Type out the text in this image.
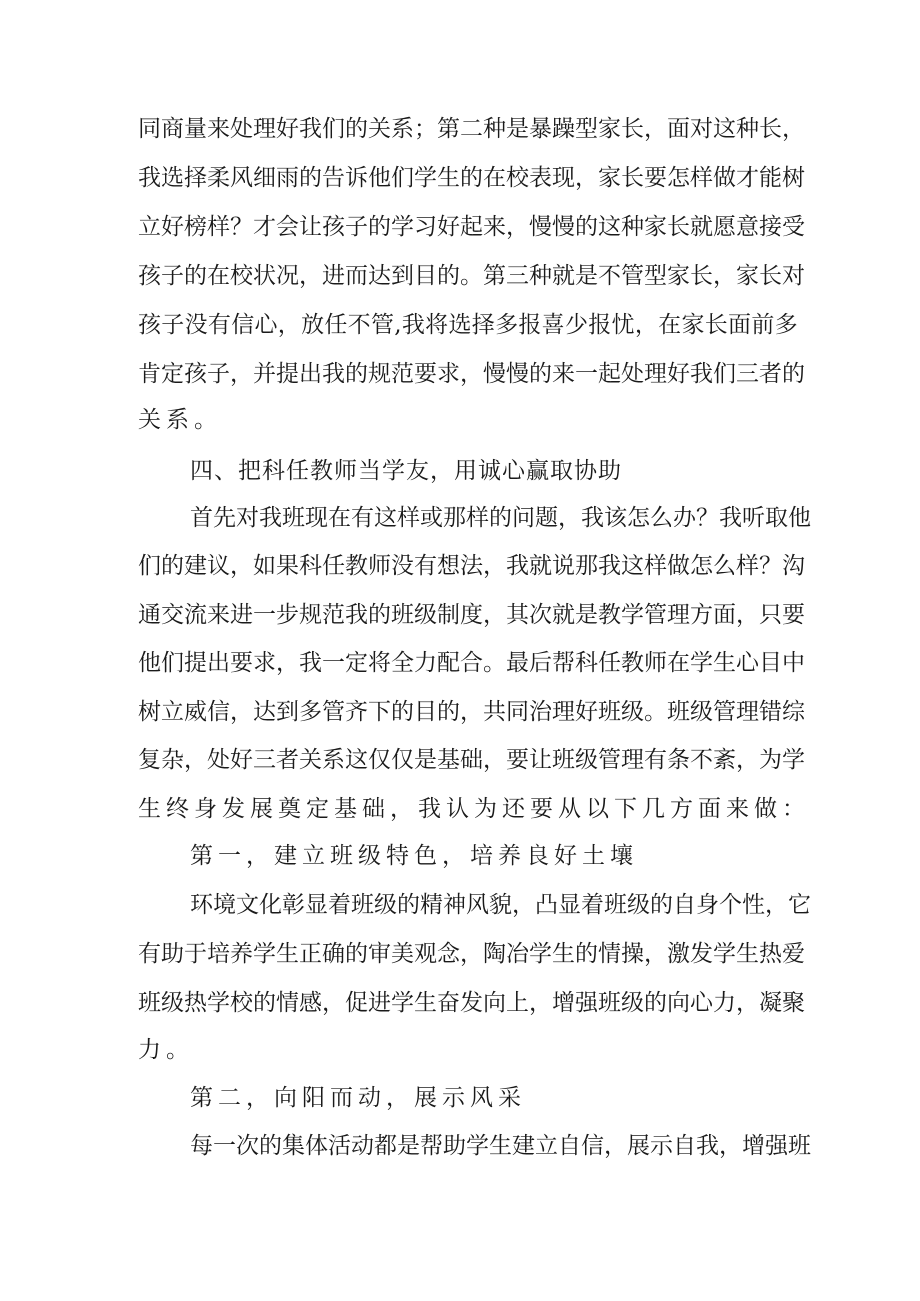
同 商 量 来 处 理 好 我 们 的 关 系 ； 第 二 种 是 暴 躁 型 家 长 ， 面 对 这 种 长 ，

我 选 择 柔 风 细 雨 的 告 诉 他 们 学 生 的 在 校 表 现 ， 家 长 要 怎 样 做 才 能 树

立 好 榜 样 ？ 才 会 让 孩 子 的 学 习 好 起 来 ， 慢 慢 的 这 种 家 长 就 愿 意 接 受

孩 子 的 在 校 状 况 ， 进 而 达 到 目 的 。 第 三 种 就 是 不 管 型 家 长 ， 家 长 对

孩 子 没 有 信 心 ， 放 任 不 管 , 我 将 选 择 多 报 喜 少 报 忧 ， 在 家 长 面 前 多

肯 定 孩 子 ， 并 提 出 我 的 规 范 要 求 ， 慢 慢 的 来 一 起 处 理 好 我 们 三 者 的

关系。

四、把科任教师当学友，用诚心赢取协助

首 先 对 我 班 现 在 有 这 样 或 那 样 的 问 题 ， 我 该 怎 么 办 ？ 我 听 取 他

们 的 建 议 ， 如 果 科 任 教 师 没 有 想 法 ， 我 就 说 那 我 这 样 做 怎 么 样 ？ 沟

通 交 流 来 进 一 步 规 范 我 的 班 级 制 度 ， 其 次 就 是 教 学 管 理 方 面 ， 只 要

他 们 提 出 要 求 ， 我 一 定 将 全 力 配 合 。 最 后 帮 科 任 教 师 在 学 生 心 目 中

树 立 威 信 ， 达 到 多 管 齐 下 的 目 的 ， 共 同 治 理 好 班 级 。 班 级 管 理 错 综

复 杂 ， 处 好 三 者 关 系 这 仅 仅 是 基 础 ， 要 让 班 级 管 理 有 条 不 紊 ， 为 学

生终身发展奠定基础，我认为还要从以下几方面来做：

第一，建立班级特色，培养良好土壤

环 境 文 化 彰 显 着 班 级 的 精 神 风 貌 ， 凸 显 着 班 级 的 自 身 个 性 ， 它

有 助 于 培 养 学 生 正 确 的 审 美 观 念 ， 陶 冶 学 生 的 情 操 ， 激 发 学 生 热 爱

班 级 热 学 校 的 情 感 ， 促 进 学 生 奋 发 向 上 ， 增 强 班 级 的 向 心 力 ， 凝 聚

力。

第二，向阳而动，展示风采

每 一 次 的 集 体 活 动 都 是 帮 助 学 生 建 立 自 信 ， 展 示 自 我 ， 增 强 班
